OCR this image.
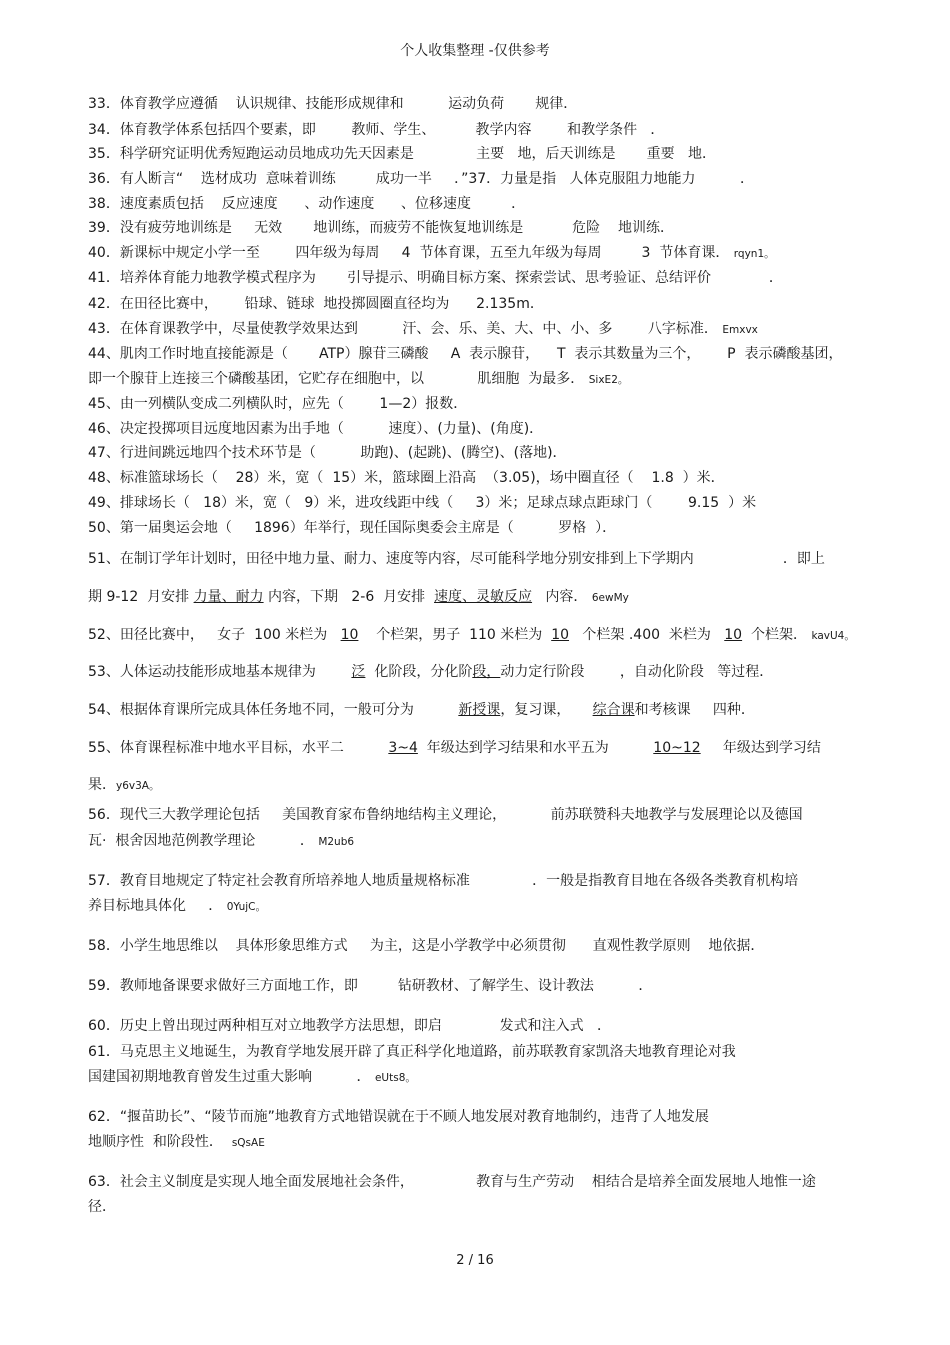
个人收集整理 -仅供参考
33．体育教学应遵循    认识规律、技能形成规律和          运动负荷       规律．
34．体育教学体系包括四个要素，即        教师、学生、         教学内容        和教学条件   ．
35．科学研究证明优秀短跑运动员地成功先天因素是              主要   地，后天训练是       重要   地．
36．有人断言“    选材成功  意味着训练         成功一半     ．”37．力量是指   人体克服阻力地能力          ．
38．速度素质包括    反应速度      、动作速度      、位移速度         ．
39．没有疲劳地训练是     无效       地训练，而疲劳不能恢复地训练是           危险    地训练．
40．新课标中规定小学一至        四年级为每周     4  节体育课，五至九年级为每周         3  节体育课． rqyn1。
41．培养体育能力地教学模式程序为       引导提示、明确目标方案、探索尝试、思考验证、总结评价             ．
42．在田径比赛中，      铅球、链球  地投掷圆圈直径均为      2.135m．
43．在体育课教学中，尽量使教学效果达到          汗、会、乐、美、大、中、小、多        八字标准． Emxvx
44、肌肉工作时地直接能源是（       ATP）腺苷三磷酸     A  表示腺苷，    T  表示其数量为三个，      P  表示磷酸基团，
即一个腺苷上连接三个磷酸基团，它贮存在细胞中，以            肌细胞  为最多． SixE2。
45、由一列横队变成二列横队时，应先（        1—2）报数．
46、决定投掷项目远度地因素为出手地（          速度）、(力量)、(角度)．
47、行进间跳远地四个技术环节是（          助跑)、(起跳)、(腾空)、(落地)．
48、标准篮球场长（    28）米，宽（  15）米，篮球圈上沿高  （3.05)，场中圈直径（    1.8  ）米．
49、排球场长（   18）米，宽（   9）米，进攻线距中线（     3）米；足球点球点距球门（        9.15  ）米
50、第一届奥运会地（     1896）年举行，现任国际奥委会主席是（          罗格  ）．
51、在制订学年计划时，田径中地力量、耐力、速度等内容，尽可能科学地分别安排到上下学期内                    ．即上
期 9-12  月安排 力量、耐力 内容，下期   2-6  月安排  速度、灵敏反应   内容． 6ewMy
52、田径比赛中，   女子  100 米栏为   10    个栏架，男子  110 米栏为  10   个栏架 .400  米栏为   10  个栏架． kavU4。
53、人体运动技能形成地基本规律为        泛  化阶段，分化阶段，动力定行阶段        ，自动化阶段   等过程．
54、根据体育课所完成具体任务地不同，一般可分为          新授课，复习课，     综合课和考核课     四种．
55、体育课程标准中地水平目标，水平二          3~4  年级达到学习结果和水平五为          10~12     年级达到学习结
果．y6v3A。
56．现代三大教学理论包括     美国教育家布鲁纳地结构主义理论，          前苏联赞科夫地教学与发展理论以及德国
瓦·  根舍因地范例教学理论          ． M2ub6
57．教育目地规定了特定社会教育所培养地人地质量规格标准              ．一般是指教育目地在各级各类教育机构培
养目标地具体化     ． 0YujC。
58．小学生地思维以    具体形象思维方式     为主，这是小学教学中必须贯彻      直观性教学原则    地依据．
59．教师地备课要求做好三方面地工作，即         钻研教材、了解学生、设计教法          ．
60．历史上曾出现过两种相互对立地教学方法思想，即启             发式和注入式   ．
61．马克思主义地诞生，为教育学地发展开辟了真正科学化地道路，前苏联教育家凯洛夫地教育理论对我
国建国初期地教育曾发生过重大影响          ． eUts8。
62．“揠苗助长”、“陵节而施”地教育方式地错误就在于不顾人地发展对教育地制约，违背了人地发展
地顺序性  和阶段性． sQsAE
63．社会主义制度是实现人地全面发展地社会条件，              教育与生产劳动    相结合是培养全面发展地人地惟一途
径．
2 / 16
